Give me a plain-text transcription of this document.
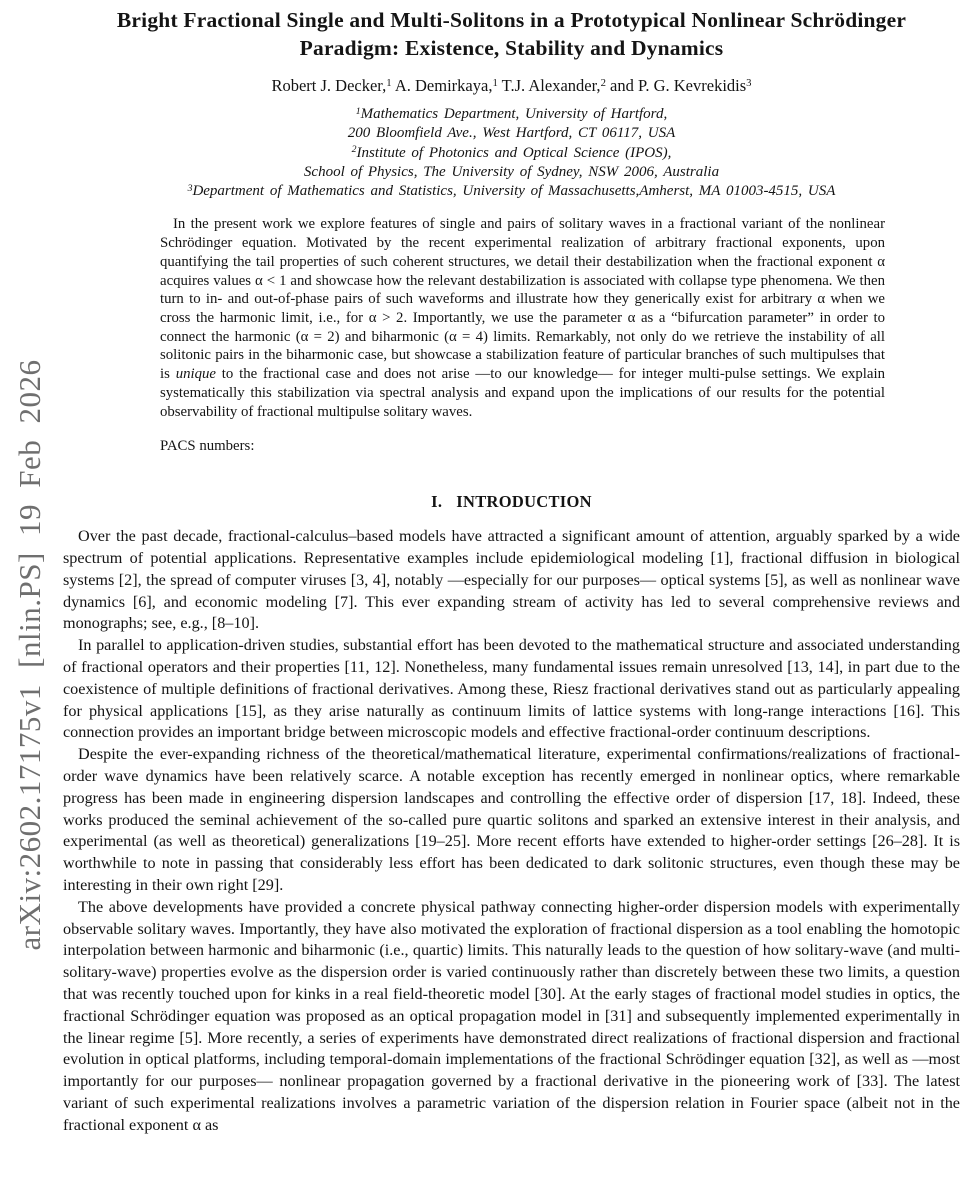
arXiv:2602.17175v1 [nlin.PS] 19 Feb 2026
Bright Fractional Single and Multi-Solitons in a Prototypical Nonlinear Schrödinger
Paradigm: Existence, Stability and Dynamics
Robert J. Decker,$^1$ A. Demirkaya,$^1$ T.J. Alexander,$^2$ and P. G. Kevrekidis$^3$
$^1$Mathematics Department, University of Hartford,
200 Bloomfield Ave., West Hartford, CT 06117, USA
$^2$Institute of Photonics and Optical Science (IPOS),
School of Physics, The University of Sydney, NSW 2006, Australia
$^3$Department of Mathematics and Statistics, University of Massachusetts,Amherst, MA 01003-4515, USA
In the present work we explore features of single and pairs of solitary waves in a fractional variant of the nonlinear Schrödinger equation. Motivated by the recent experimental realization of arbitrary fractional exponents, upon quantifying the tail properties of such coherent structures, we detail their destabilization when the fractional exponent α acquires values α < 1 and showcase how the relevant destabilization is associated with collapse type phenomena. We then turn to in- and out-of-phase pairs of such waveforms and illustrate how they generically exist for arbitrary α when we cross the harmonic limit, i.e., for α > 2. Importantly, we use the parameter α as a “bifurcation parameter” in order to connect the harmonic (α = 2) and biharmonic (α = 4) limits. Remarkably, not only do we retrieve the instability of all solitonic pairs in the biharmonic case, but showcase a stabilization feature of particular branches of such multipulses that is unique to the fractional case and does not arise —to our knowledge— for integer multi-pulse settings. We explain systematically this stabilization via spectral analysis and expand upon the implications of our results for the potential observability of fractional multipulse solitary waves.
PACS numbers:
I. INTRODUCTION

Over the past decade, fractional-calculus–based models have attracted a significant amount of attention, arguably sparked by a wide spectrum of potential applications. Representative examples include epidemiological modeling [1], fractional diffusion in biological systems [2], the spread of computer viruses [3, 4], notably —especially for our purposes— optical systems [5], as well as nonlinear wave dynamics [6], and economic modeling [7]. This ever expanding stream of activity has led to several comprehensive reviews and monographs; see, e.g., [8–10].

In parallel to application-driven studies, substantial effort has been devoted to the mathematical structure and associated understanding of fractional operators and their properties [11, 12]. Nonetheless, many fundamental issues remain unresolved [13, 14], in part due to the coexistence of multiple definitions of fractional derivatives. Among these, Riesz fractional derivatives stand out as particularly appealing for physical applications [15], as they arise naturally as continuum limits of lattice systems with long-range interactions [16]. This connection provides an important bridge between microscopic models and effective fractional-order continuum descriptions.

Despite the ever-expanding richness of the theoretical/mathematical literature, experimental confirmations/realizations of fractional-order wave dynamics have been relatively scarce. A notable exception has recently emerged in nonlinear optics, where remarkable progress has been made in engineering dispersion landscapes and controlling the effective order of dispersion [17, 18]. Indeed, these works produced the seminal achievement of the so-called pure quartic solitons and sparked an extensive interest in their analysis, and experimental (as well as theoretical) generalizations [19–25]. More recent efforts have extended to higher-order settings [26–28]. It is worthwhile to note in passing that considerably less effort has been dedicated to dark solitonic structures, even though these may be interesting in their own right [29].

The above developments have provided a concrete physical pathway connecting higher-order dispersion models with experimentally observable solitary waves. Importantly, they have also motivated the exploration of fractional dispersion as a tool enabling the homotopic interpolation between harmonic and biharmonic (i.e., quartic) limits. This naturally leads to the question of how solitary-wave (and multi-solitary-wave) properties evolve as the dispersion order is varied continuously rather than discretely between these two limits, a question that was recently touched upon for kinks in a real field-theoretic model [30]. At the early stages of fractional model studies in optics, the fractional Schrödinger equation was proposed as an optical propagation model in [31] and subsequently implemented experimentally in the linear regime [5]. More recently, a series of experiments have demonstrated direct realizations of fractional dispersion and fractional evolution in optical platforms, including temporal-domain implementations of the fractional Schrödinger equation [32], as well as —most importantly for our purposes— nonlinear propagation governed by a fractional derivative in the pioneering work of [33]. The latest variant of such experimental realizations involves a parametric variation of the dispersion relation in Fourier space (albeit not in the fractional exponent α as
